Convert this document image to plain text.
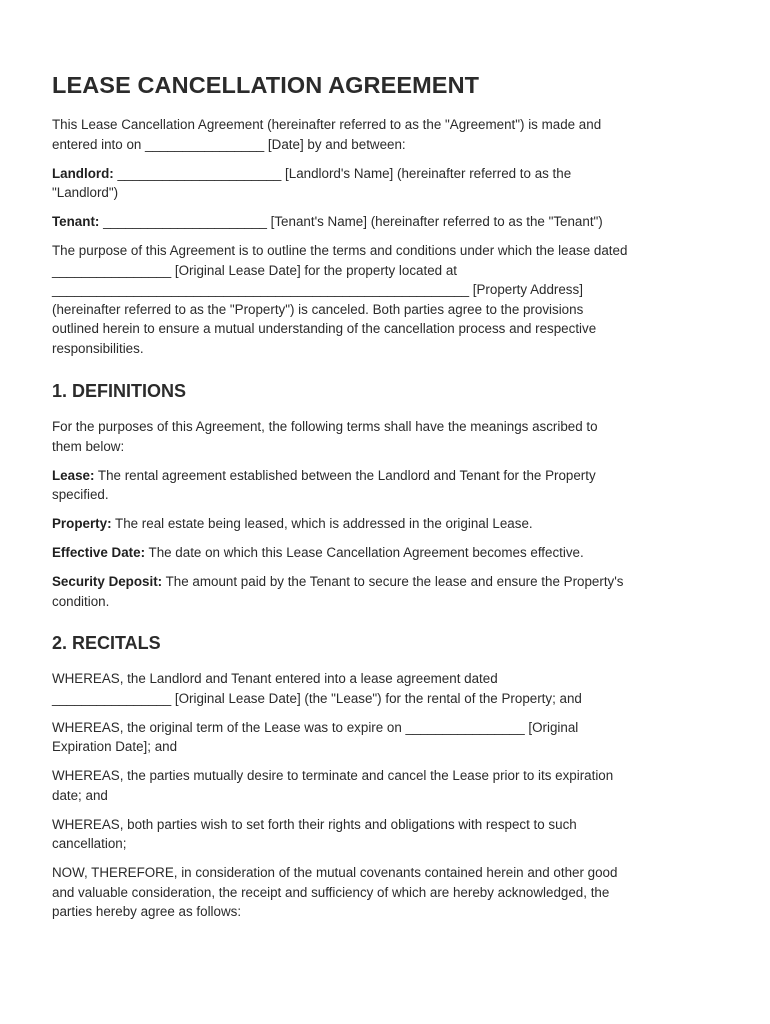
LEASE CANCELLATION AGREEMENT

This Lease Cancellation Agreement (hereinafter referred to as the "Agreement") is made and
entered into on ________________ [Date] by and between:

Landlord: ______________________ [Landlord's Name] (hereinafter referred to as the
"Landlord")

Tenant: ______________________ [Tenant's Name] (hereinafter referred to as the "Tenant")

The purpose of this Agreement is to outline the terms and conditions under which the lease dated
________________ [Original Lease Date] for the property located at
________________________________________________________ [Property Address]
(hereinafter referred to as the "Property") is canceled. Both parties agree to the provisions
outlined herein to ensure a mutual understanding of the cancellation process and respective
responsibilities.

1. DEFINITIONS

For the purposes of this Agreement, the following terms shall have the meanings ascribed to
them below:

Lease: The rental agreement established between the Landlord and Tenant for the Property
specified.

Property: The real estate being leased, which is addressed in the original Lease.

Effective Date: The date on which this Lease Cancellation Agreement becomes effective.

Security Deposit: The amount paid by the Tenant to secure the lease and ensure the Property's
condition.

2. RECITALS

WHEREAS, the Landlord and Tenant entered into a lease agreement dated
________________ [Original Lease Date] (the "Lease") for the rental of the Property; and

WHEREAS, the original term of the Lease was to expire on ________________ [Original
Expiration Date]; and

WHEREAS, the parties mutually desire to terminate and cancel the Lease prior to its expiration
date; and

WHEREAS, both parties wish to set forth their rights and obligations with respect to such
cancellation;

NOW, THEREFORE, in consideration of the mutual covenants contained herein and other good
and valuable consideration, the receipt and sufficiency of which are hereby acknowledged, the
parties hereby agree as follows:
